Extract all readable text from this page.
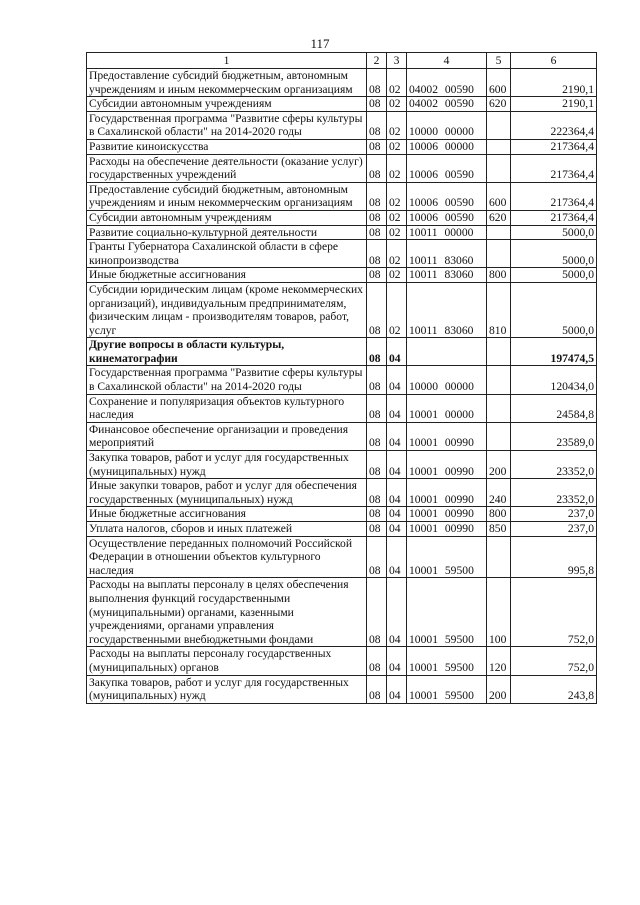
117
1	2	3	4	5	6
Предоставление субсидий бюджетным, автономным учреждениям и иным некоммерческим организациям	08	02	04002 00590	600	2190,1
Субсидии автономным учреждениям	08	02	04002 00590	620	2190,1
Государственная программа "Развитие сферы культуры в Сахалинской области" на 2014-2020 годы	08	02	10000 00000		222364,4
Развитие киноискусства	08	02	10006 00000		217364,4
Расходы на обеспечение деятельности (оказание услуг) государственных учреждений	08	02	10006 00590		217364,4
Предоставление субсидий бюджетным, автономным учреждениям и иным некоммерческим организациям	08	02	10006 00590	600	217364,4
Субсидии автономным учреждениям	08	02	10006 00590	620	217364,4
Развитие социально-культурной деятельности	08	02	10011 00000		5000,0
Гранты Губернатора Сахалинской области в сфере кинопроизводства	08	02	10011 83060		5000,0
Иные бюджетные ассигнования	08	02	10011 83060	800	5000,0
Субсидии юридическим лицам (кроме некоммерческих организаций), индивидуальным предпринимателям, физическим лицам - производителям товаров, работ, услуг	08	02	10011 83060	810	5000,0
Другие вопросы в области культуры, кинематографии	08	04			197474,5
Государственная программа "Развитие сферы культуры в Сахалинской области" на 2014-2020 годы	08	04	10000 00000		120434,0
Сохранение и популяризация объектов культурного наследия	08	04	10001 00000		24584,8
Финансовое обеспечение организации и проведения мероприятий	08	04	10001 00990		23589,0
Закупка товаров, работ и услуг для государственных (муниципальных) нужд	08	04	10001 00990	200	23352,0
Иные закупки товаров, работ и услуг для обеспечения государственных (муниципальных) нужд	08	04	10001 00990	240	23352,0
Иные бюджетные ассигнования	08	04	10001 00990	800	237,0
Уплата налогов, сборов и иных платежей	08	04	10001 00990	850	237,0
Осуществление переданных полномочий Российской Федерации в отношении объектов культурного наследия	08	04	10001 59500		995,8
Расходы на выплаты персоналу в целях обеспечения выполнения функций государственными (муниципальными) органами, казенными учреждениями, органами управления государственными внебюджетными фондами	08	04	10001 59500	100	752,0
Расходы на выплаты персоналу государственных (муниципальных) органов	08	04	10001 59500	120	752,0
Закупка товаров, работ и услуг для государственных (муниципальных) нужд	08	04	10001 59500	200	243,8
